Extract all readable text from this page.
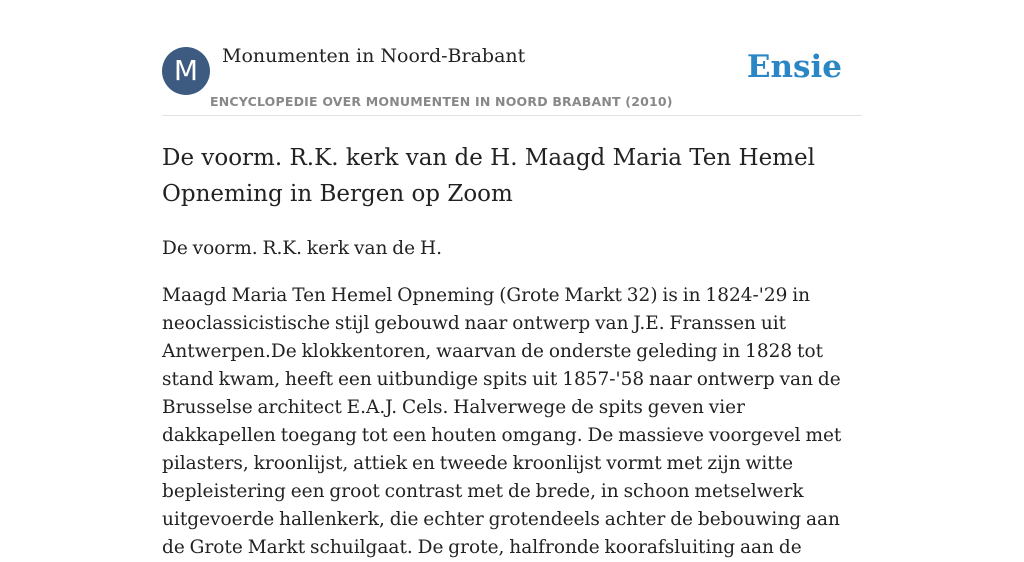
M	Monumenten in Noord-Brabant
ENCYCLOPEDIE OVER MONUMENTEN IN NOORD BRABANT (2010)
Ensie
De voorm. R.K. kerk van de H. Maagd Maria Ten Hemel Opneming in Bergen op Zoom

De voorm. R.K. kerk van de H.

Maagd Maria Ten Hemel Opneming (Grote Markt 32) is in 1824-'29 in neoclassicistische stijl gebouwd naar ontwerp van J.E. Franssen uit Antwerpen.De klokkentoren, waarvan de onderste geleding in 1828 tot stand kwam, heeft een uitbundige spits uit 1857-'58 naar ontwerp van de Brusselse architect E.A.J. Cels. Halverwege de spits geven vier dakkapellen toegang tot een houten omgang. De massieve voorgevel met pilasters, kroonlijst, attiek en tweede kroonlijst vormt met zijn witte bepleistering een groot contrast met de brede, in schoon metselwerk uitgevoerde hallenkerk, die echter grotendeels achter de bebouwing aan de Grote Markt schuilgaat. De grote, halfronde koorafsluiting aan de
